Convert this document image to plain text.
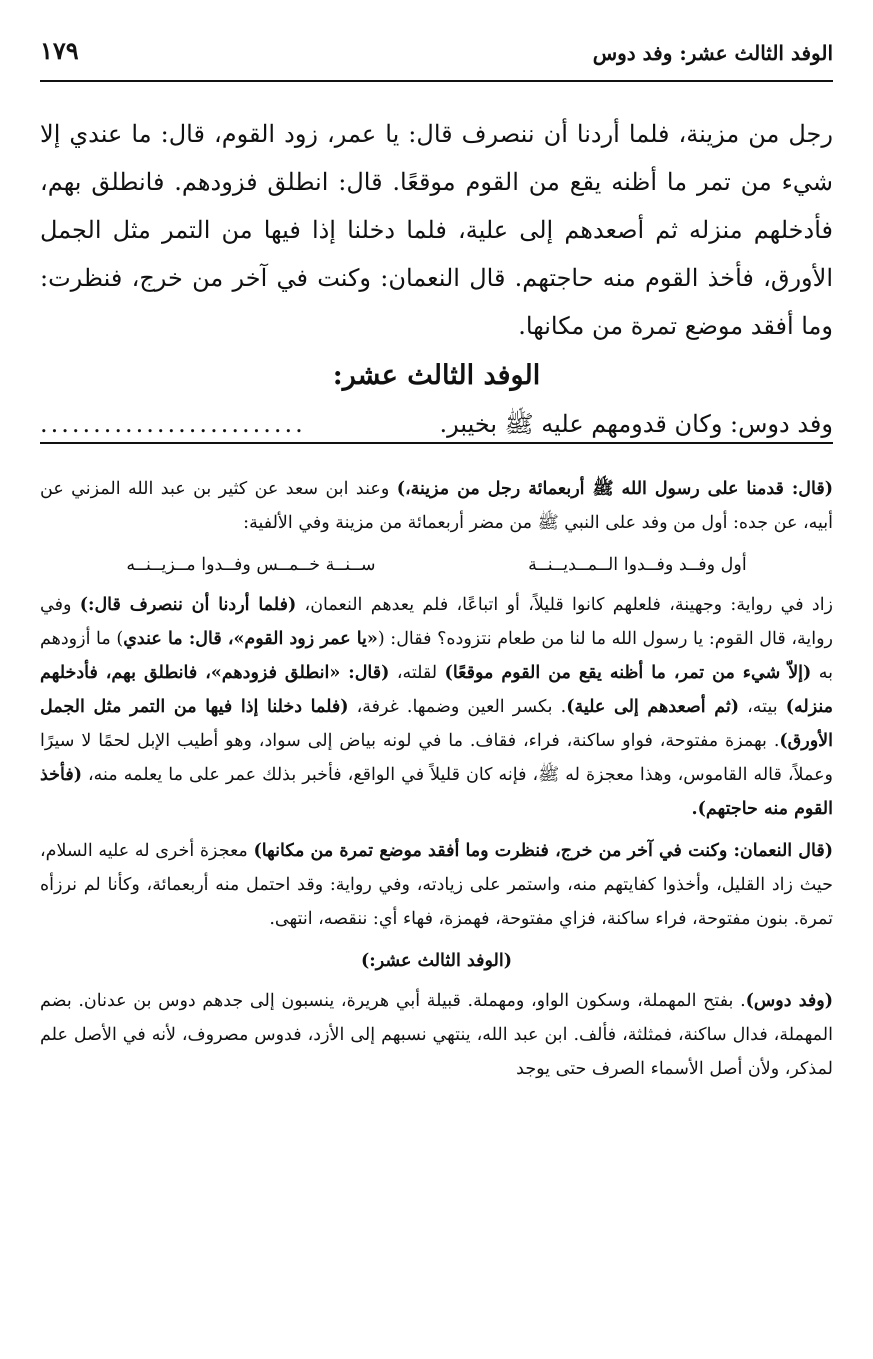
١٧٩	الوفد الثالث عشر: وفد دوس

رجل من مزينة، فلما أردنا أن ننصرف قال: يا عمر، زود القوم، قال: ما عندي إلا شيء من تمر ما أظنه يقع من القوم موقعًا. قال: انطلق فزودهم. فانطلق بهم، فأدخلهم منزله ثم أصعدهم إلى علية، فلما دخلنا إذا فيها من التمر مثل الجمل الأورق، فأخذ القوم منه حاجتهم. قال النعمان: وكنت في آخر من خرج، فنظرت: وما أفقد موضع تمرة من مكانها.

الوفد الثالث عشر:
وفد دوس: وكان قدومهم عليه ﷺ بخيبر.
.........................

(قال: قدمنا على رسول الله ﷺ أربعمائة رجل من مزينة،) وعند ابن سعد عن كثير بن عبد الله المزني عن أبيه، عن جده: أول من وفد على النبي ﷺ من مضر أربعمائة من مزينة وفي الألفية:

أول وفــد وفــدوا الــمــديــنــة
ســنــة خــمــس وفــدوا مــزيــنــه

زاد في رواية: وجهينة، فلعلهم كانوا قليلاً، أو اتباعًا، فلم يعدهم النعمان، (فلما أردنا أن ننصرف قال:) وفي رواية، قال القوم: يا رسول الله ما لنا من طعام نتزوده؟ فقال: («يا عمر زود القوم»، قال: ما عندي) ما أزودهم به (إلاّ شيء من تمر، ما أظنه يقع من القوم موقعًا) لقلته، (قال: «انطلق فزودهم»، فانطلق بهم، فأدخلهم منزله) بيته، (ثم أصعدهم إلى علية). بكسر العين وضمها. غرفة، (فلما دخلنا إذا فيها من التمر مثل الجمل الأورق). بهمزة مفتوحة، فواو ساكنة، فراء، فقاف. ما في لونه بياض إلى سواد، وهو أطيب الإبل لحمًا لا سيرًا وعملاً، قاله القاموس، وهذا معجزة له ﷺ، فإنه كان قليلاً في الواقع، فأخبر بذلك عمر على ما يعلمه منه، (فأخذ القوم منه حاجتهم).

(قال النعمان: وكنت في آخر من خرج، فنظرت وما أفقد موضع تمرة من مكانها) معجزة أخرى له عليه السلام، حيث زاد القليل، وأخذوا كفايتهم منه، واستمر على زيادته، وفي رواية: وقد احتمل منه أربعمائة، وكأنا لم نرزأه تمرة. بنون مفتوحة، فراء ساكنة، فزاي مفتوحة، فهمزة، فهاء أي: ننقصه، انتهى.

(الوفد الثالث عشر:)

(وفد دوس). بفتح المهملة، وسكون الواو، ومهملة. قبيلة أبي هريرة، ينسبون إلى جدهم دوس بن عدنان. بضم المهملة، فدال ساكنة، فمثلثة، فألف. ابن عبد الله، ينتهي نسبهم إلى الأزد، فدوس مصروف، لأنه في الأصل علم لمذكر، ولأن أصل الأسماء الصرف حتى يوجد
